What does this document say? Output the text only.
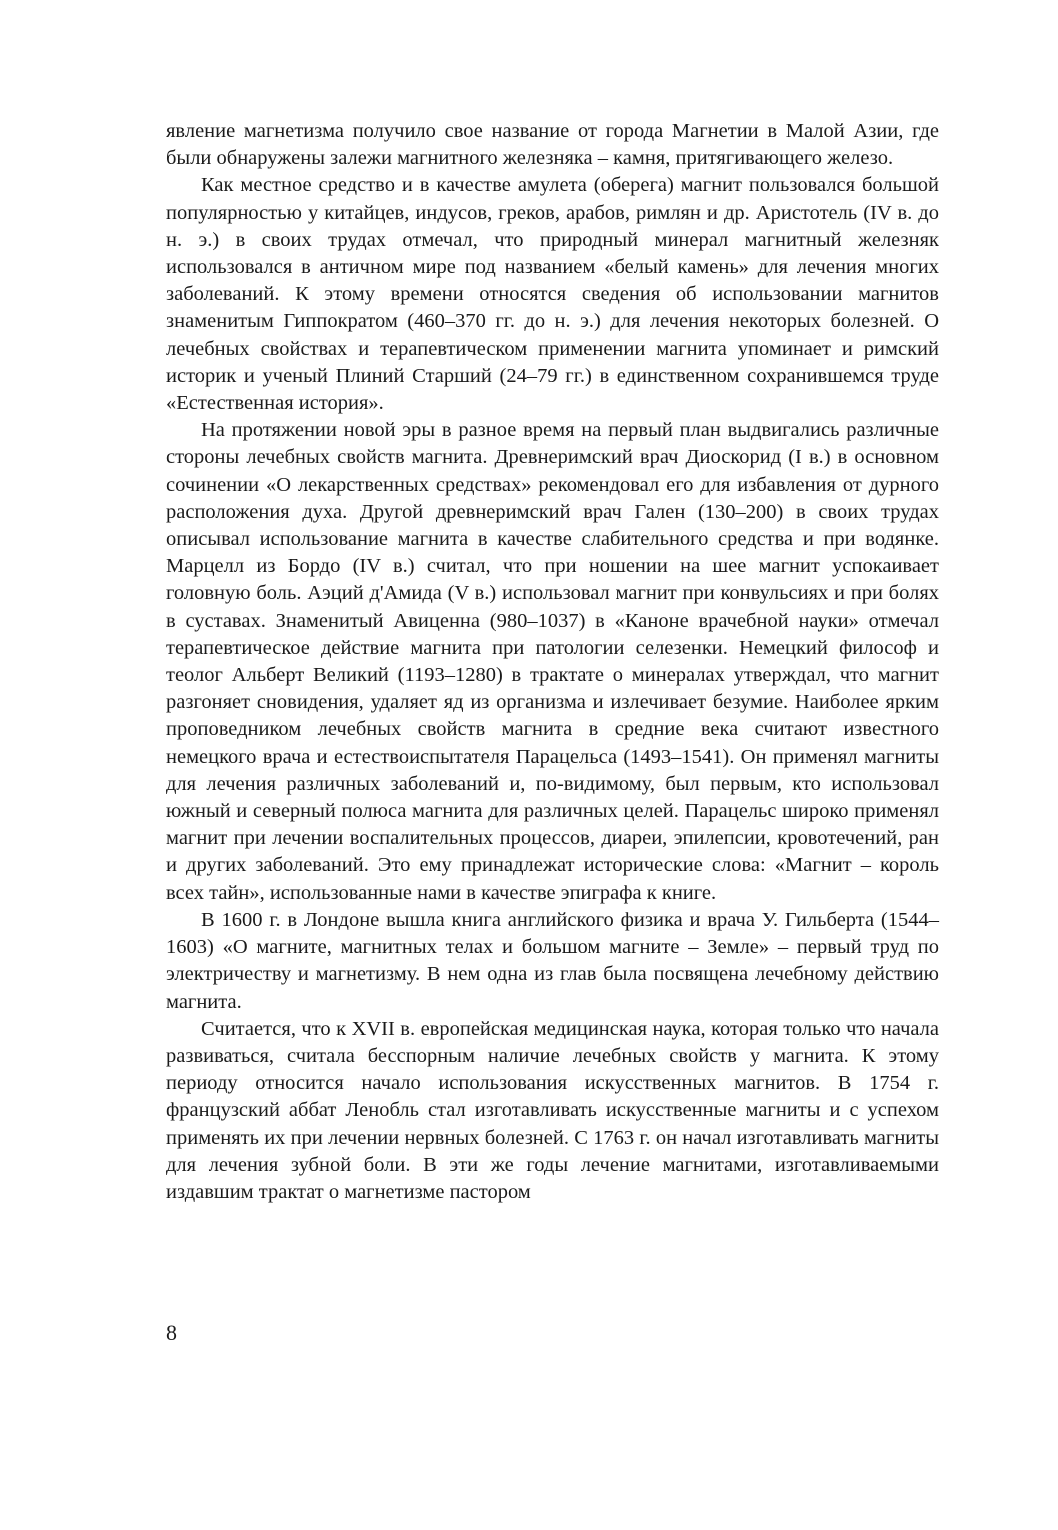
явление магнетизма получило свое название от города Магнетии в Малой Азии, где были обнаружены залежи магнитного железняка – камня, притягивающего железо.

Как местное средство и в качестве амулета (оберега) магнит пользовался большой популярностью у китайцев, индусов, греков, арабов, римлян и др. Аристотель (IV в. до н. э.) в своих трудах отмечал, что природный минерал магнитный железняк использовался в античном мире под названием «белый камень» для лечения многих заболеваний. К этому времени относятся сведения об использовании магнитов знаменитым Гиппократом (460–370 гг. до н. э.) для лечения некоторых болезней. О лечебных свойствах и терапевтическом применении магнита упоминает и римский историк и ученый Плиний Старший (24–79 гг.) в единственном сохранившемся труде «Естественная история».

На протяжении новой эры в разное время на первый план выдвигались различные стороны лечебных свойств магнита. Древнеримский врач Диоскорид (I в.) в основном сочинении «О лекарственных средствах» рекомендовал его для избавления от дурного расположения духа. Другой древнеримский врач Гален (130–200) в своих трудах описывал использование магнита в качестве слабительного средства и при водянке. Марцелл из Бордо (IV в.) считал, что при ношении на шее магнит успокаивает головную боль. Аэций д'Амида (V в.) использовал магнит при конвульсиях и при болях в суставах. Знаменитый Авиценна (980–1037) в «Каноне врачебной науки» отмечал терапевтическое действие магнита при патологии селезенки. Немецкий философ и теолог Альберт Великий (1193–1280) в трактате о минералах утверждал, что магнит разгоняет сновидения, удаляет яд из организма и излечивает безумие. Наиболее ярким проповедником лечебных свойств магнита в средние века считают известного немецкого врача и естествоиспытателя Парацельса (1493–1541). Он применял магниты для лечения различных заболеваний и, по-видимому, был первым, кто использовал южный и северный полюса магнита для различных целей. Парацельс широко применял магнит при лечении воспалительных процессов, диареи, эпилепсии, кровотечений, ран и других заболеваний. Это ему принадлежат исторические слова: «Магнит – король всех тайн», использованные нами в качестве эпиграфа к книге.

В 1600 г. в Лондоне вышла книга английского физика и врача У. Гильберта (1544–1603) «О магните, магнитных телах и большом магните – Земле» – первый труд по электричеству и магнетизму. В нем одна из глав была посвящена лечебному действию магнита.

Считается, что к XVII в. европейская медицинская наука, которая только что начала развиваться, считала бесспорным наличие лечебных свойств у магнита. К этому периоду относится начало использования искусственных магнитов. В 1754 г. французский аббат Ленобль стал изготавливать искусственные магниты и с успехом применять их при лечении нервных болезней. С 1763 г. он начал изготавливать магниты для лечения зубной боли. В эти же годы лечение магнитами, изготавливаемыми издавшим трактат о магнетизме пастором

8
